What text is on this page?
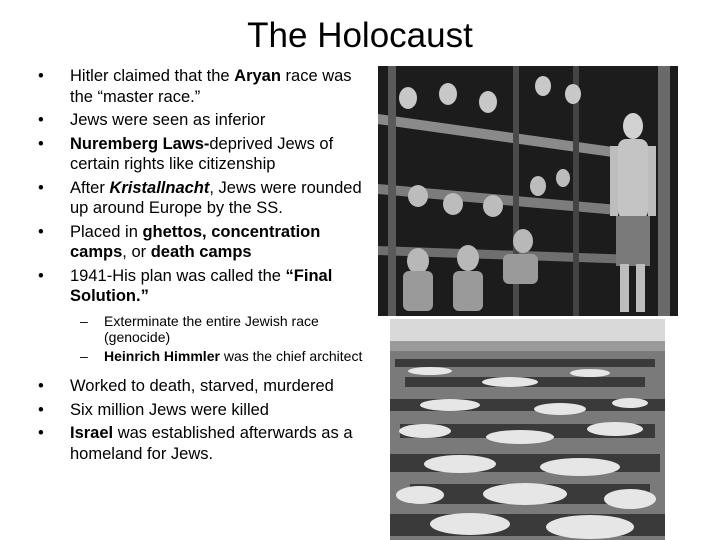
The Holocaust
• Hitler claimed that the Aryan race was the “master race.”
• Jews were seen as inferior
• Nuremberg Laws-deprived Jews of certain rights like citizenship
• After Kristallnacht, Jews were rounded up around Europe by the SS.
• Placed in ghettos, concentration camps, or death camps
• 1941-His plan was called the “Final Solution.”
– Exterminate the entire Jewish race (genocide)
– Heinrich Himmler was the chief architect
• Worked to death, starved, murdered
• Six million Jews were killed
• Israel was established afterwards as a homeland for Jews.
